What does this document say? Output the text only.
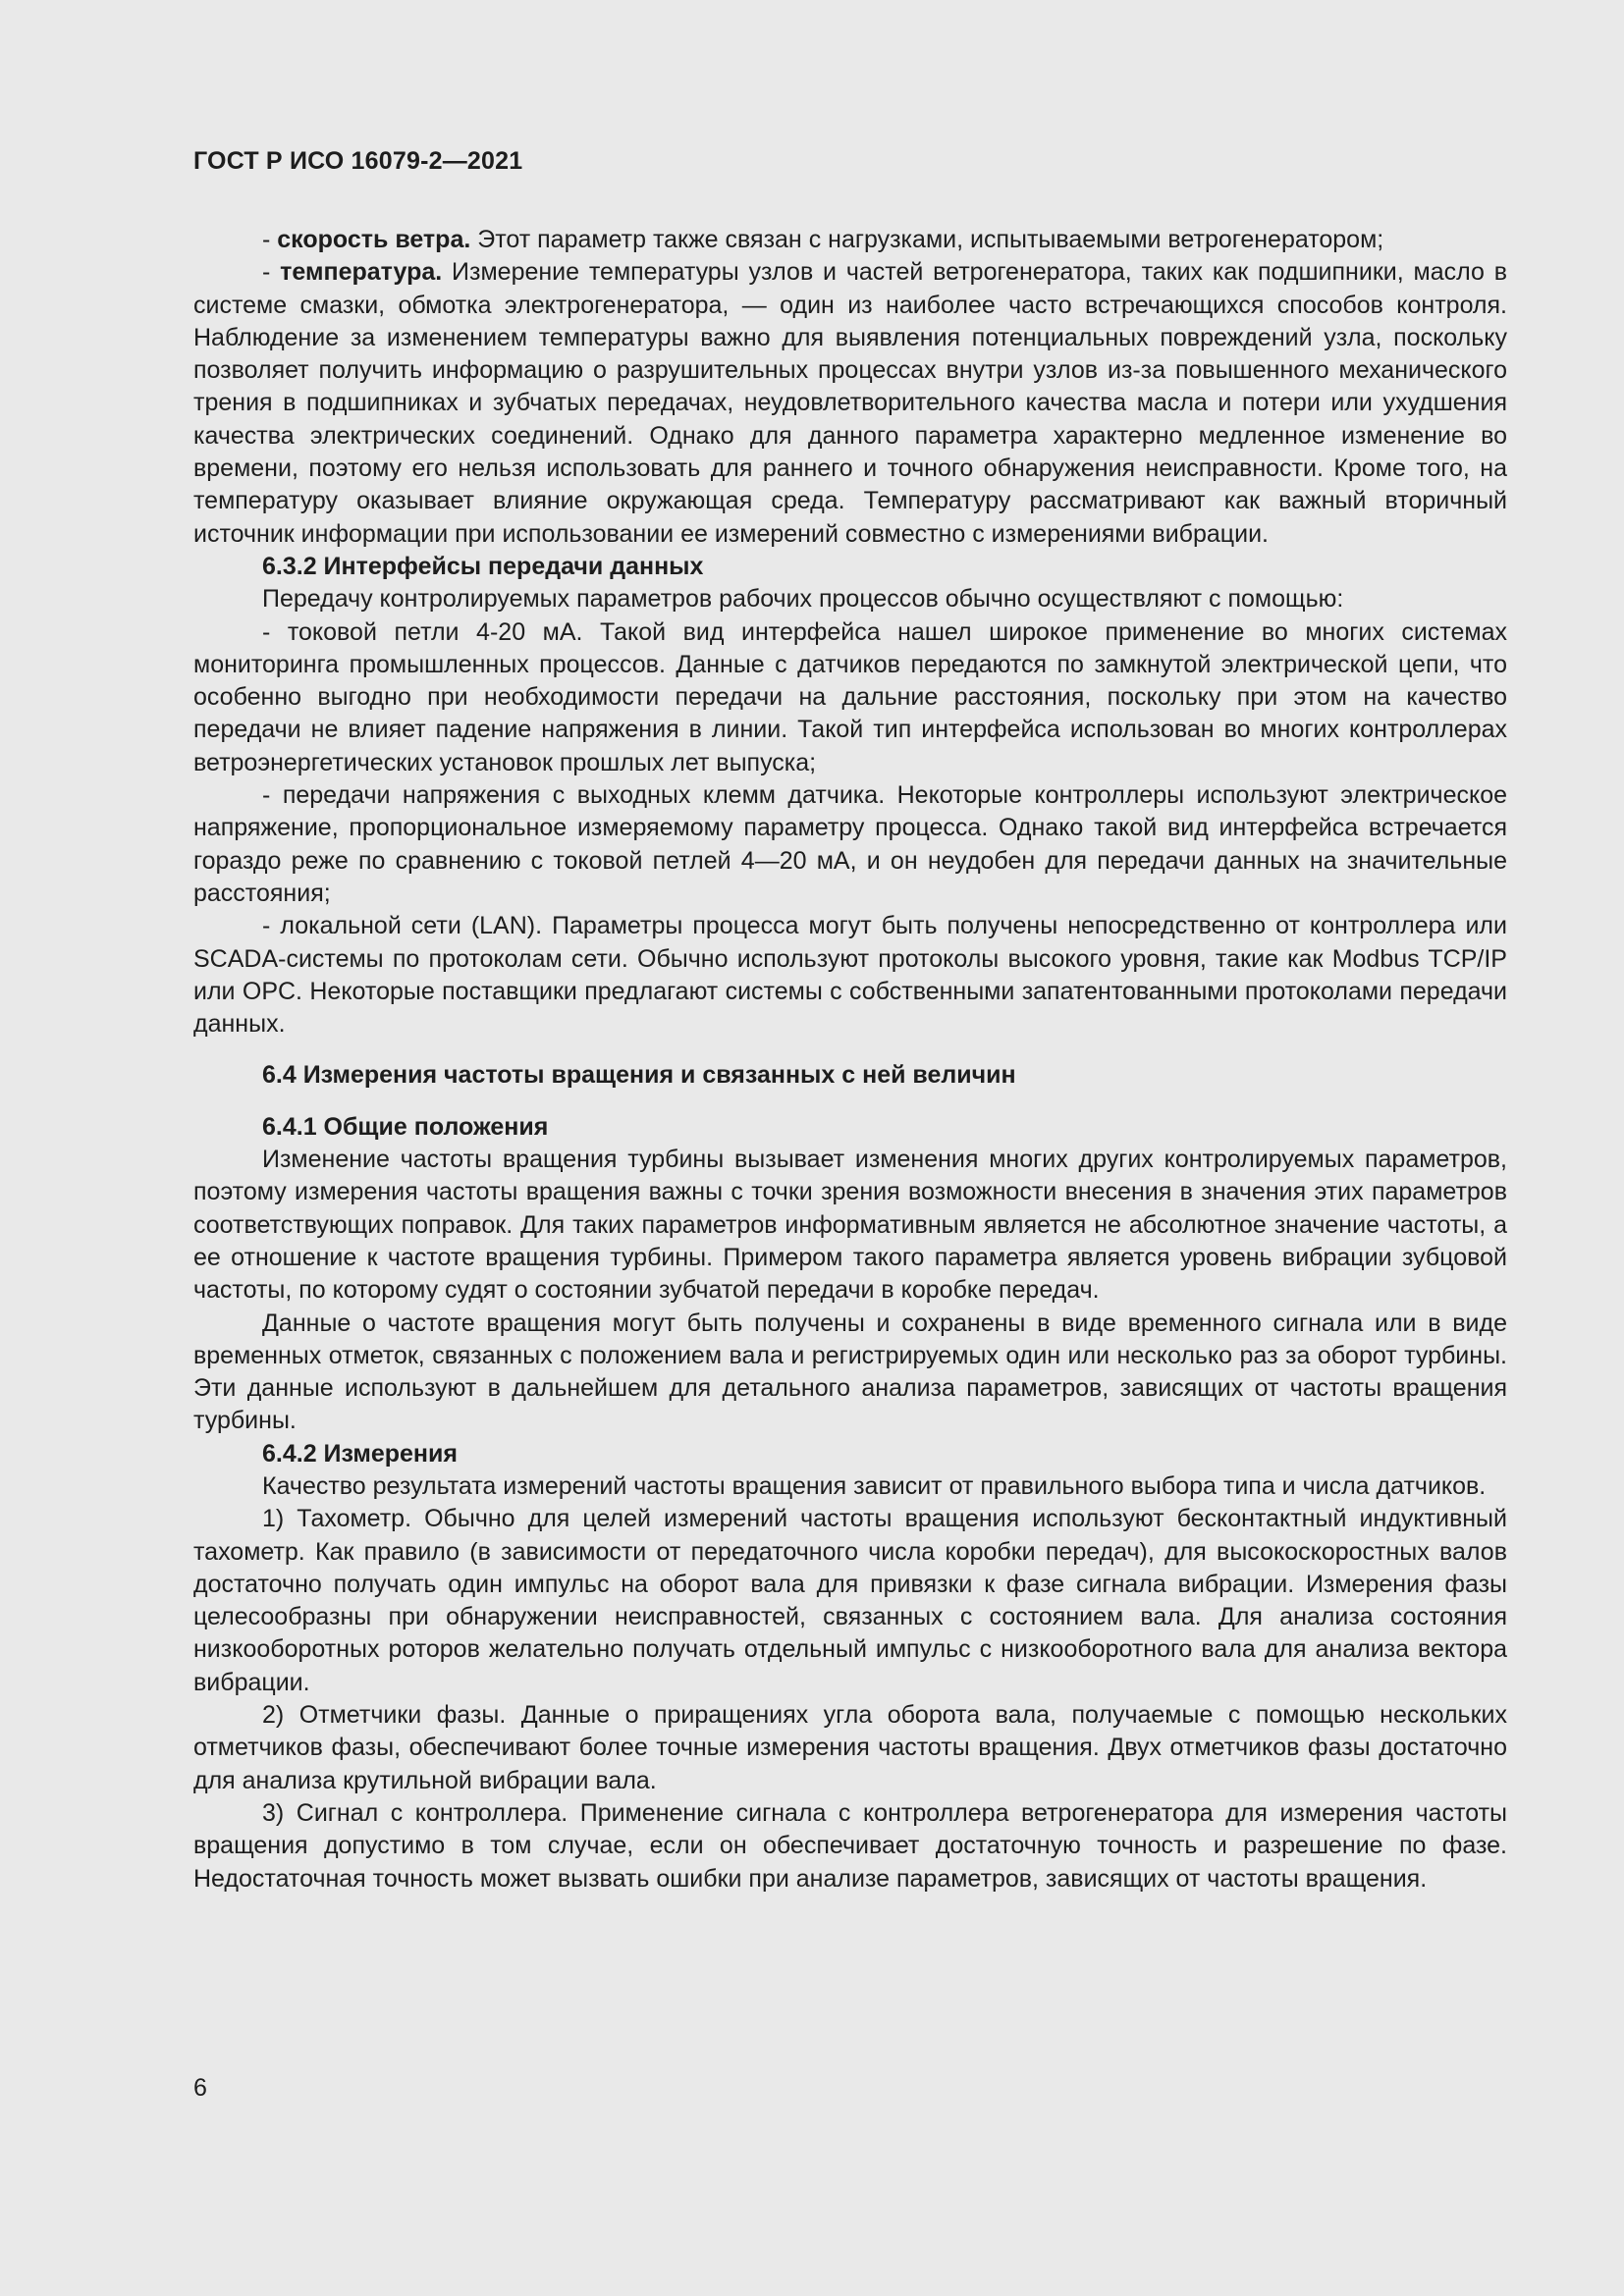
ГОСТ Р ИСО 16079-2—2021

- скорость ветра. Этот параметр также связан с нагрузками, испытываемыми ветрогенератором;

- температура. Измерение температуры узлов и частей ветрогенератора, таких как подшипники, масло в системе смазки, обмотка электрогенератора, — один из наиболее часто встречающихся способов контроля. Наблюдение за изменением температуры важно для выявления потенциальных повреждений узла, поскольку позволяет получить информацию о разрушительных процессах внутри узлов из-за повышенного механического трения в подшипниках и зубчатых передачах, неудовлетворительного качества масла и потери или ухудшения качества электрических соединений. Однако для данного параметра характерно медленное изменение во времени, поэтому его нельзя использовать для раннего и точного обнаружения неисправности. Кроме того, на температуру оказывает влияние окружающая среда. Температуру рассматривают как важный вторичный источник информации при использовании ее измерений совместно с измерениями вибрации.

6.3.2 Интерфейсы передачи данных

Передачу контролируемых параметров рабочих процессов обычно осуществляют с помощью:

- токовой петли 4-20 мА. Такой вид интерфейса нашел широкое применение во многих системах мониторинга промышленных процессов. Данные с датчиков передаются по замкнутой электрической цепи, что особенно выгодно при необходимости передачи на дальние расстояния, поскольку при этом на качество передачи не влияет падение напряжения в линии. Такой тип интерфейса использован во многих контроллерах ветроэнергетических установок прошлых лет выпуска;

- передачи напряжения с выходных клемм датчика. Некоторые контроллеры используют электрическое напряжение, пропорциональное измеряемому параметру процесса. Однако такой вид интерфейса встречается гораздо реже по сравнению с токовой петлей 4—20 мА, и он неудобен для передачи данных на значительные расстояния;

- локальной сети (LAN). Параметры процесса могут быть получены непосредственно от контроллера или SCADA-системы по протоколам сети. Обычно используют протоколы высокого уровня, такие как Modbus TCP/IP или OPC. Некоторые поставщики предлагают системы с собственными запатентованными протоколами передачи данных.

6.4 Измерения частоты вращения и связанных с ней величин

6.4.1 Общие положения

Изменение частоты вращения турбины вызывает изменения многих других контролируемых параметров, поэтому измерения частоты вращения важны с точки зрения возможности внесения в значения этих параметров соответствующих поправок. Для таких параметров информативным является не абсолютное значение частоты, а ее отношение к частоте вращения турбины. Примером такого параметра является уровень вибрации зубцовой частоты, по которому судят о состоянии зубчатой передачи в коробке передач.

Данные о частоте вращения могут быть получены и сохранены в виде временного сигнала или в виде временных отметок, связанных с положением вала и регистрируемых один или несколько раз за оборот турбины. Эти данные используют в дальнейшем для детального анализа параметров, зависящих от частоты вращения турбины.

6.4.2 Измерения

Качество результата измерений частоты вращения зависит от правильного выбора типа и числа датчиков.

1) Тахометр. Обычно для целей измерений частоты вращения используют бесконтактный индуктивный тахометр. Как правило (в зависимости от передаточного числа коробки передач), для высокоскоростных валов достаточно получать один импульс на оборот вала для привязки к фазе сигнала вибрации. Измерения фазы целесообразны при обнаружении неисправностей, связанных с состоянием вала. Для анализа состояния низкооборотных роторов желательно получать отдельный импульс с низкооборотного вала для анализа вектора вибрации.

2) Отметчики фазы. Данные о приращениях угла оборота вала, получаемые с помощью нескольких отметчиков фазы, обеспечивают более точные измерения частоты вращения. Двух отметчиков фазы достаточно для анализа крутильной вибрации вала.

3) Сигнал с контроллера. Применение сигнала с контроллера ветрогенератора для измерения частоты вращения допустимо в том случае, если он обеспечивает достаточную точность и разрешение по фазе. Недостаточная точность может вызвать ошибки при анализе параметров, зависящих от частоты вращения.

6
